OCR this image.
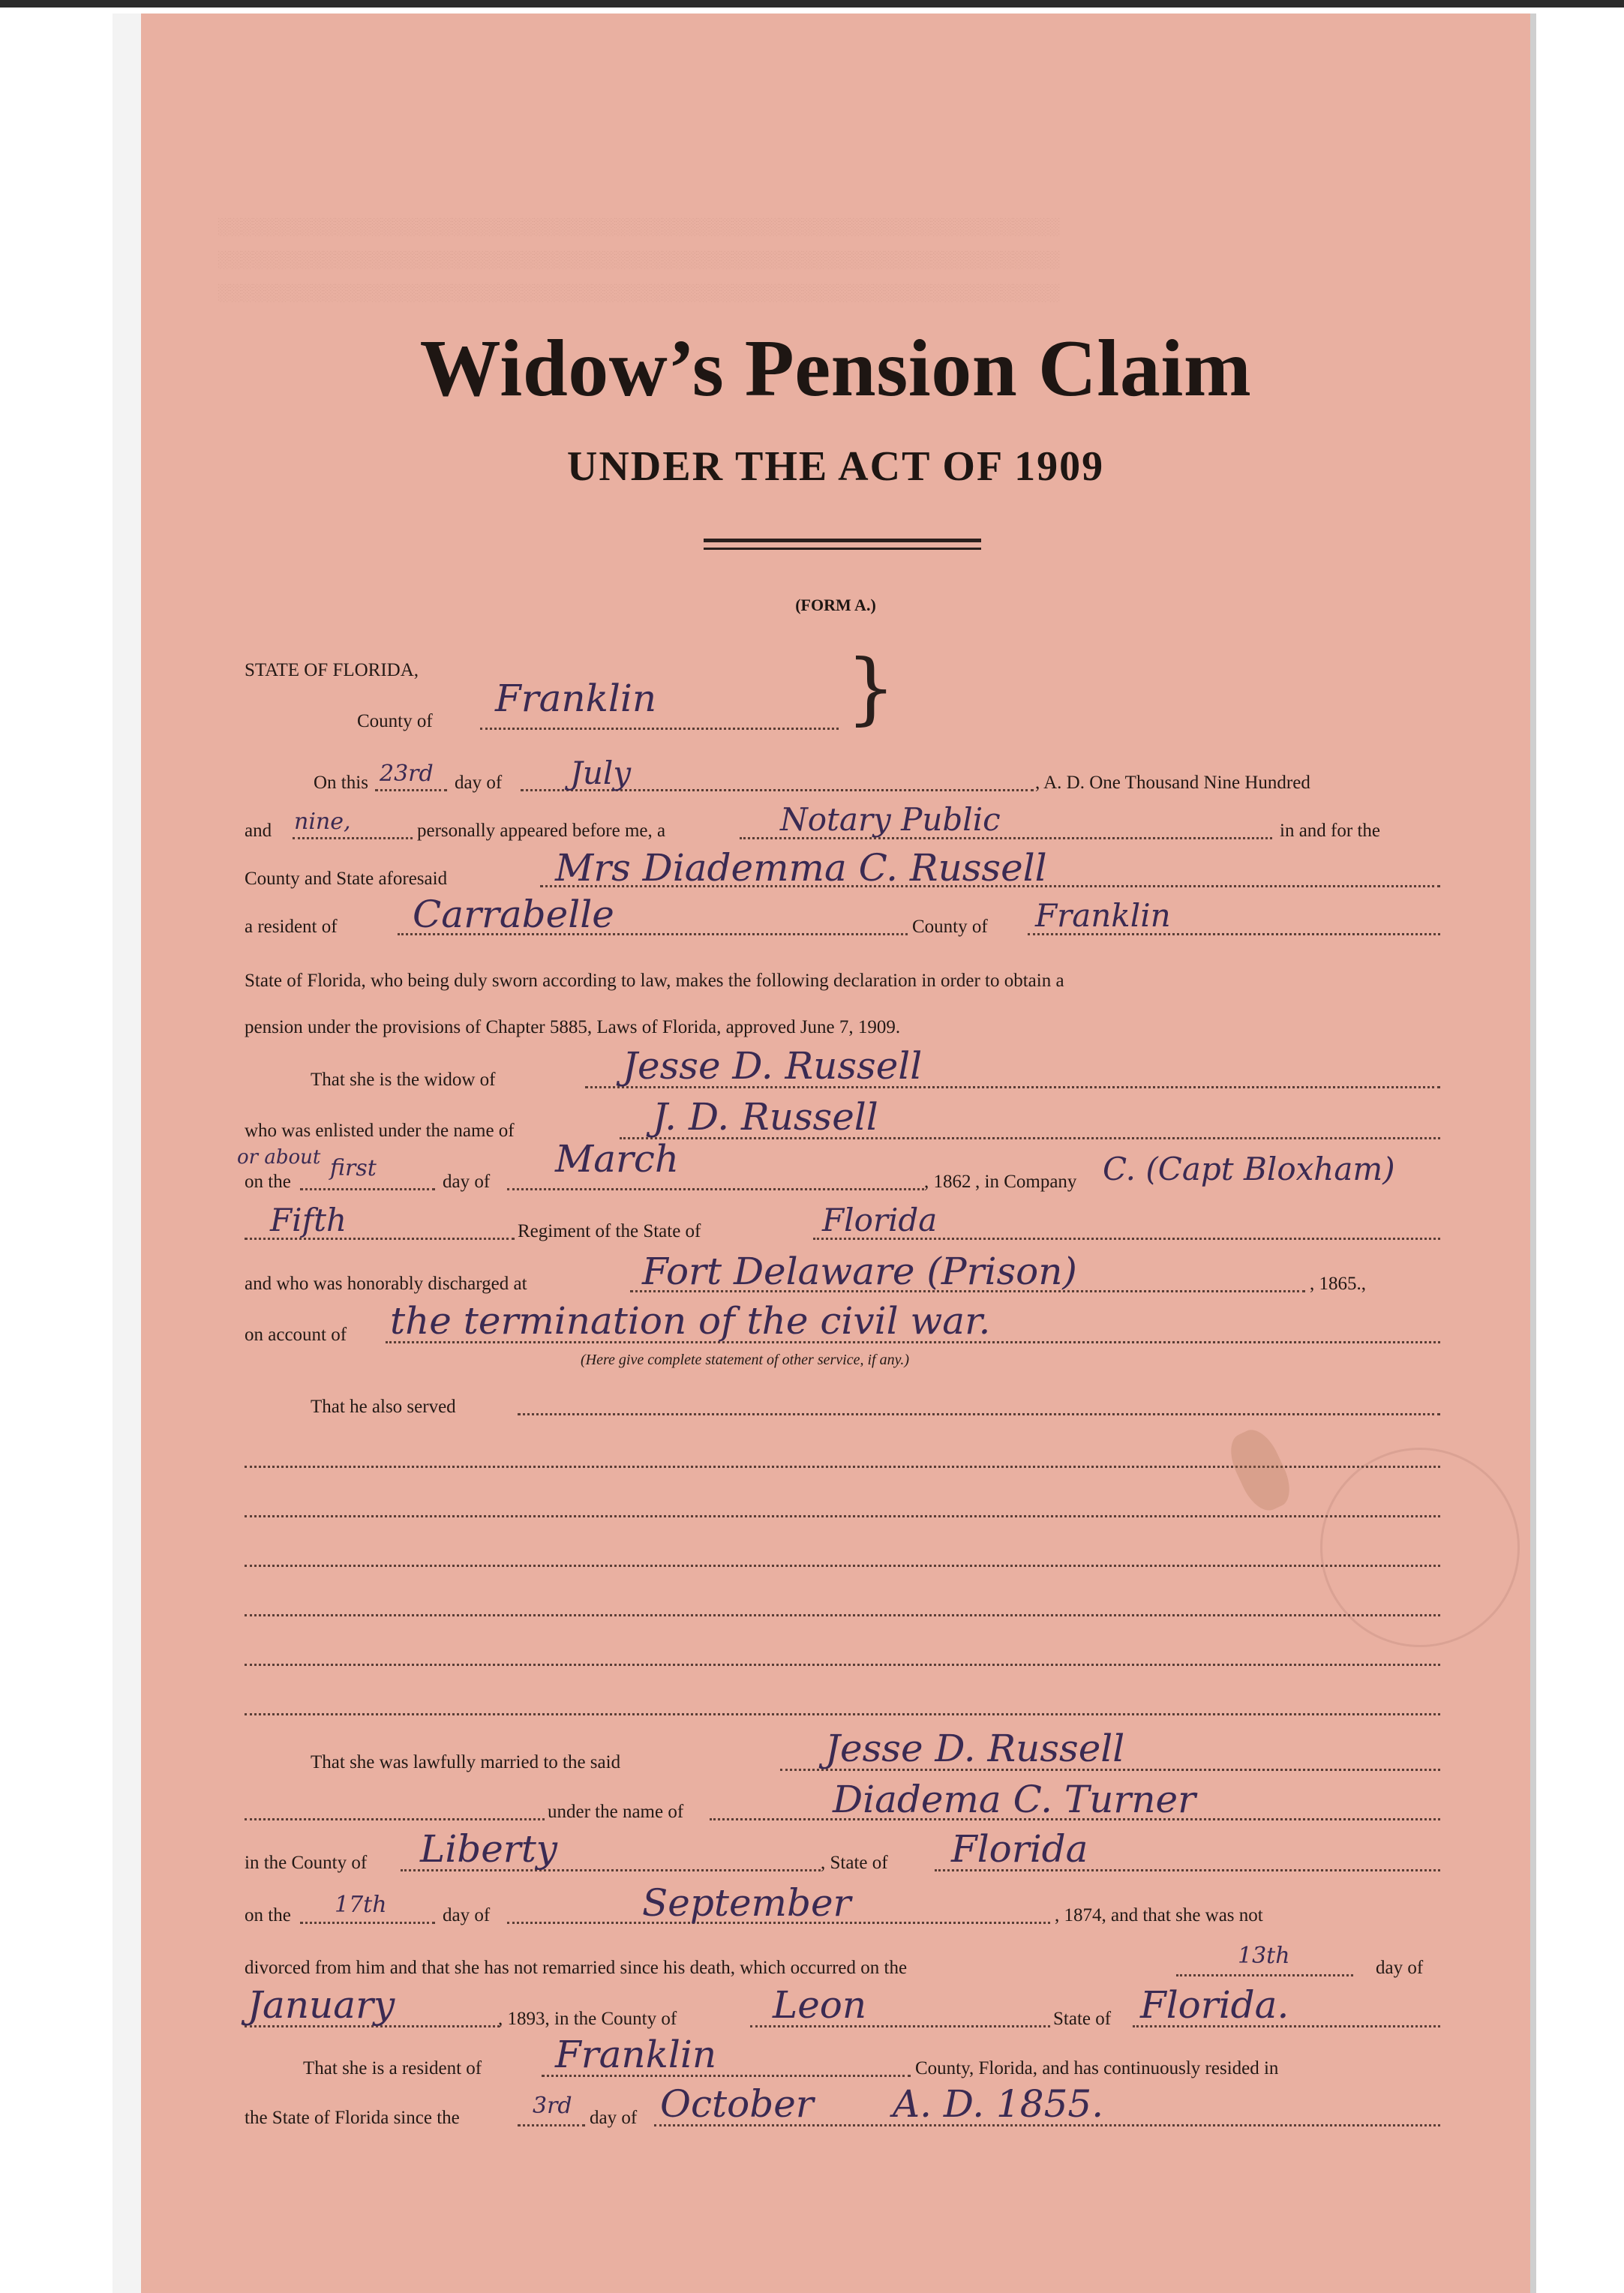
░░░░░░░░░░░░░░░░░░░░░░░░░░░░░░░░░░░░░░░░░░░░░░░░░░░░░░░░░░░░░░░░░░░░░░░░
░░░░░░░░░░░░░░░░░░░░░░░░░░░░░░░░░░░░░░░░░░░░░░░░░░░░░░░░░░░░░░░░░░░░░░░░
░░░░░░░░░░░░░░░░░░░░░░░░░░░░░░░░░░░░░░░░░░░░░░░░░░░░░░░░░░░░░░░░░░░░░░░░
Widow’s Pension Claim
UNDER THE ACT OF 1909
(FORM A.)
STATE OF FLORIDA,
County of
Franklin }
On this 23rd day of July	, A. D. One Thousand Nine Hundred
and nine,	personally appeared before me, a	Notary Public	in and for the
County and State aforesaid	Mrs Diademma C. Russell
a resident of Carrabelle	County of Franklin
State of Florida, who being duly sworn according to law, makes the following declaration in order to obtain a
pension under the provisions of Chapter 5885, Laws of Florida, approved June 7, 1909.
That she is the widow of	Jesse D. Russell
who was enlisted under the name of	J. D. Russell
or about
on the
first
day of
March
, 1862 , in Company C. (Capt Bloxham)
Fifth	Regiment of the State of	Florida
and who was honorably discharged at	Fort Delaware (Prison)	, 1865.,
on account of the termination of the civil war.
(Here give complete statement of other service, if any.)
That he also served
That she was lawfully married to the said	Jesse D. Russell
under the name of	Diadema C. Turner
in the County of Liberty	, State of Florida
on the 17th	day of	September	, 1874, and that she was not
divorced from him and that she has not remarried since his death, which occurred on the	13th	day of
January	, 1893, in the County of	Leon	State of Florida.
That she is a resident of Franklin	County, Florida, and has continuously resided in
the State of Florida since the	3rd day of October A. D. 1855.
